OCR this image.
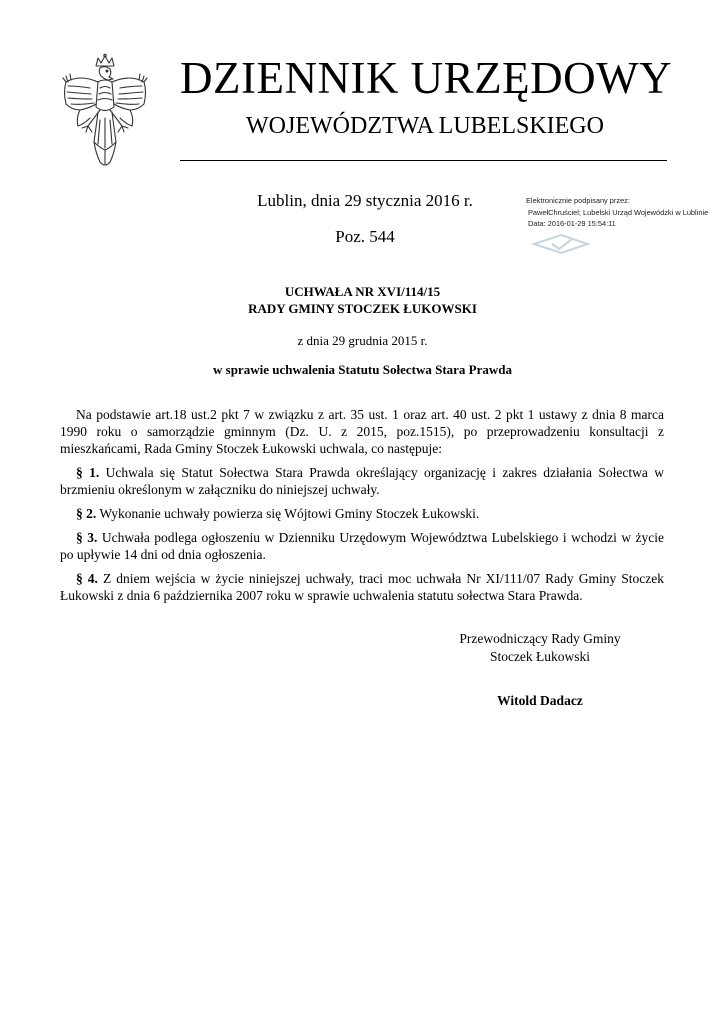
DZIENNIK URZĘDOWY
WOJEWÓDZTWA LUBELSKIEGO
Lublin, dnia 29 stycznia 2016 r.
Poz. 544
Elektronicznie podpisany przez:
PawełChruściel; Lubelski Urząd Wojewódzki w Lublinie
Data: 2016-01-29 15:54:11
UCHWAŁA NR XVI/114/15
RADY GMINY STOCZEK ŁUKOWSKI
z dnia 29 grudnia 2015 r.
w sprawie uchwalenia Statutu Sołectwa Stara Prawda

Na podstawie art.18 ust.2 pkt 7 w związku z art. 35 ust. 1 oraz art. 40 ust. 2 pkt 1 ustawy z dnia 8 marca 1990 roku o samorządzie gminnym (Dz. U. z 2015, poz.1515), po przeprowadzeniu konsultacji z mieszkańcami, Rada Gminy Stoczek Łukowski uchwala, co następuje:

§ 1. Uchwala się Statut Sołectwa Stara Prawda określający organizację i zakres działania Sołectwa w brzmieniu określonym w załączniku do niniejszej uchwały.

§ 2. Wykonanie uchwały powierza się Wójtowi Gminy Stoczek Łukowski.

§ 3. Uchwała podlega ogłoszeniu w Dzienniku Urzędowym Województwa Lubelskiego i wchodzi w życie po upływie 14 dni od dnia ogłoszenia.

§ 4. Z dniem wejścia w życie niniejszej uchwały, traci moc uchwała Nr XI/111/07 Rady Gminy Stoczek Łukowski z dnia 6 października 2007 roku w sprawie uchwalenia statutu sołectwa Stara Prawda.

Przewodniczący Rady Gminy
Stoczek Łukowski
Witold Dadacz
